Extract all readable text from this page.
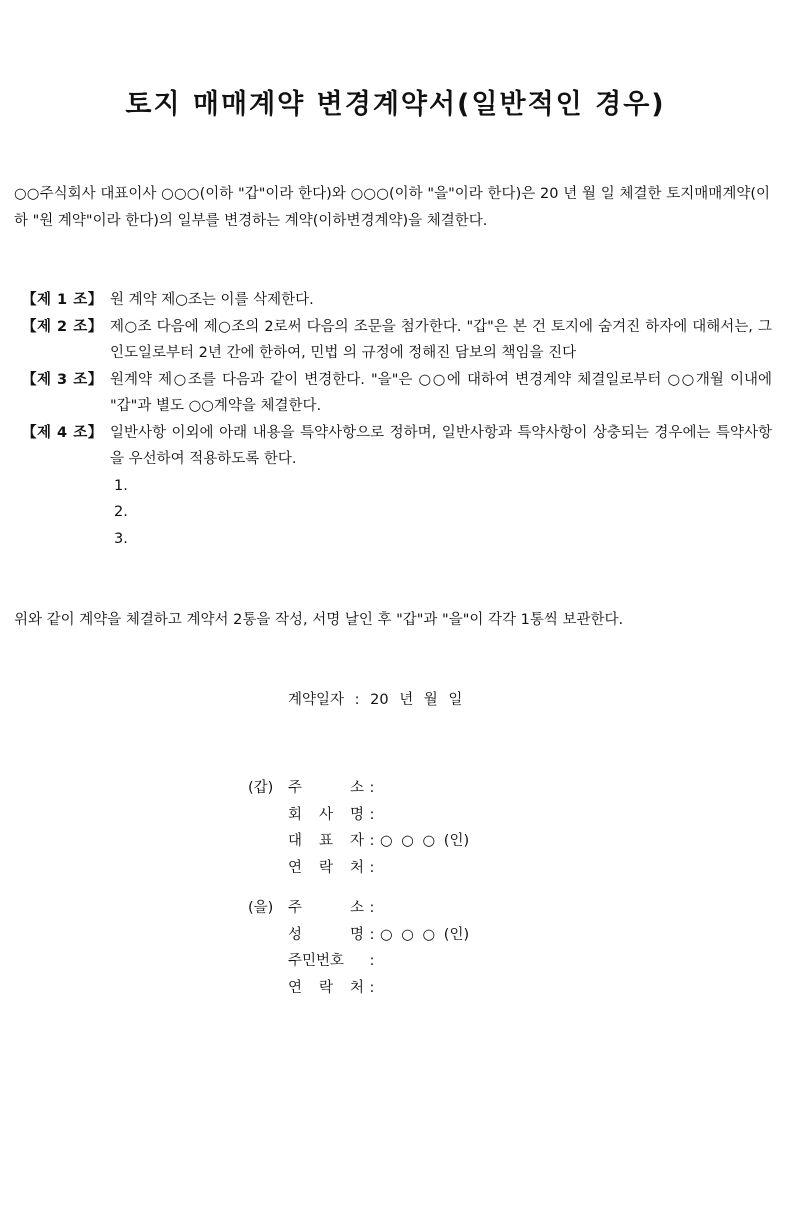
토지 매매계약 변경계약서(일반적인 경우)

○○주식회사 대표이사 ○○○(이하 "갑"이라 한다)와 ○○○(이하 "을"이라 한다)은 20 년 월 일 체결한 토지매매계약(이하 "원 계약"이라 한다)의 일부를 변경하는 계약(이하변경계약)을 체결한다.

【제 1 조】 원 계약 제○조는 이를 삭제한다.
【제 2 조】 제○조 다음에 제○조의 2로써 다음의 조문을 첨가한다. "갑"은 본 건 토지에 숨겨진 하자에 대해서는, 그 인도일로부터 2년 간에 한하여, 민법 의 규정에 정해진 담보의 책임을 진다
【제 3 조】 원계약 제○조를 다음과 같이 변경한다. "을"은 ○○에 대하여 변경계약 체결일로부터 ○○개월 이내에 "갑"과 별도 ○○계약을 체결한다.
【제 4 조】 일반사항 이외에 아래 내용을 특약사항으로 정하며, 일반사항과 특약사항이 상충되는 경우에는 특약사항을 우선하여 적용하도록 한다.
1.
2.
3.

위와 같이 계약을 체결하고 계약서 2통을 작성, 서명 날인 후 "갑"과 "을"이 각각 1통씩 보관한다.

계약일자 : 20 년 월 일
(갑)	주	소 :
회 사 명 :
대 표 자 : ○ ○ ○ (인)
연 락 처 :
(을)	주	소 :
성	명 : ○ ○ ○ (인)
주민번호	:
연 락 처 :
